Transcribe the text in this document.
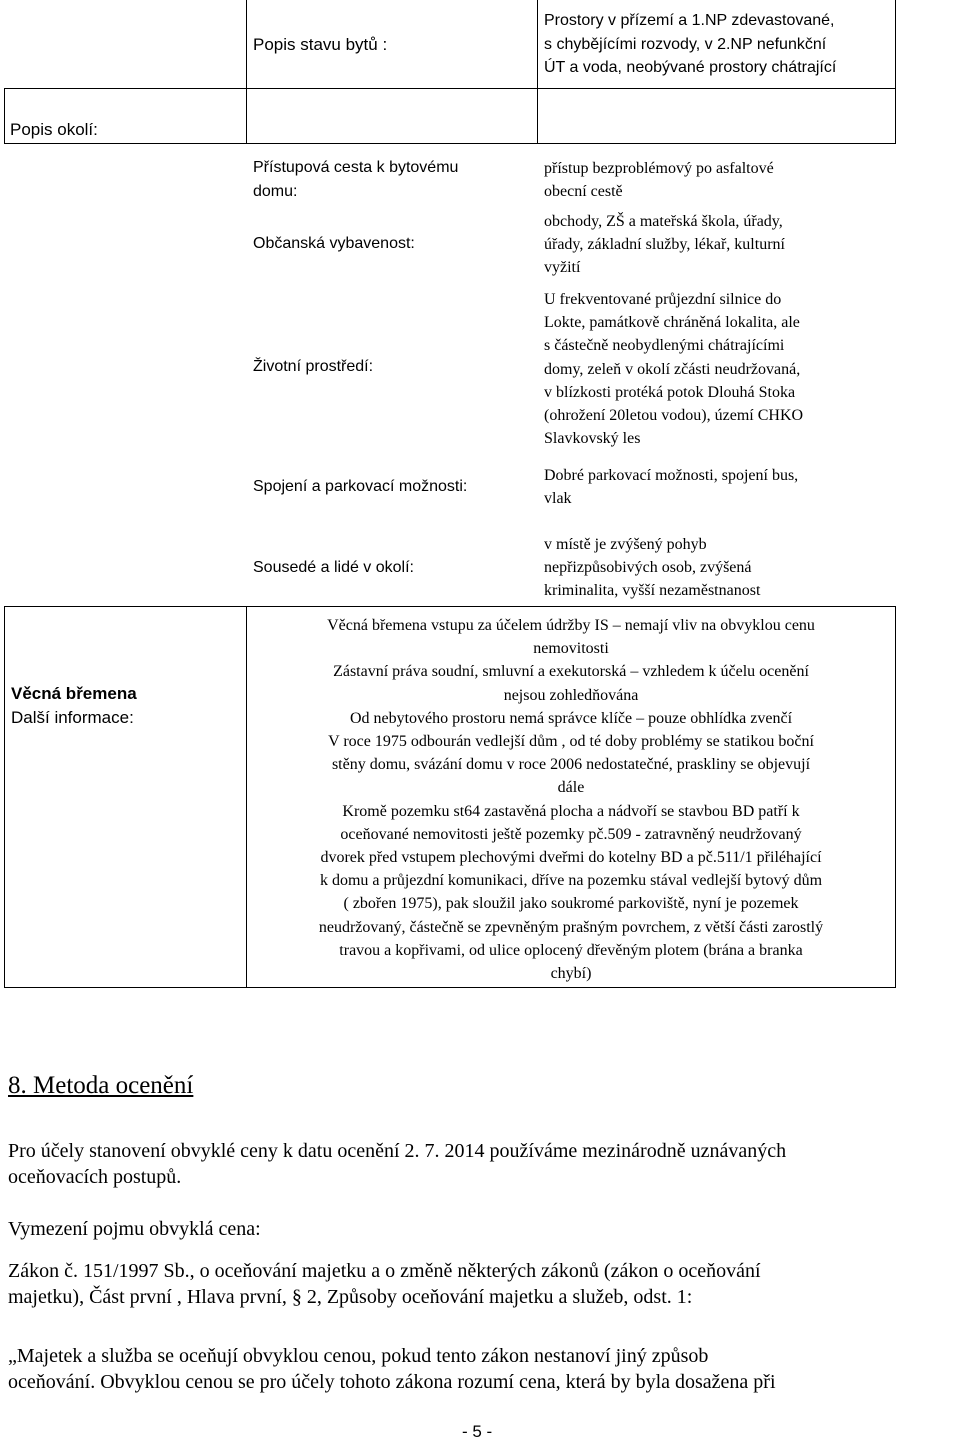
Popis stavu bytů :
Prostory v přízemí a 1.NP zdevastované,
s chybějícími rozvody, v 2.NP nefunkční
ÚT a voda, neobývané prostory chátrající
Popis okolí:
Přístupová cesta k bytovému
domu:
přístup bezproblémový po asfaltové
obecní cestě
Občanská vybavenost:
obchody, ZŠ a mateřská škola, úřady,
úřady, základní služby, lékař, kulturní
vyžití
Životní prostředí:
U frekventované průjezdní silnice do
Lokte, památkově chráněná lokalita, ale
s částečně neobydlenými chátrajícími
domy, zeleň v okolí zčásti neudržovaná,
v blízkosti protéká potok Dlouhá Stoka
(ohrožení 20letou vodou), území CHKO
Slavkovský les
Spojení a parkovací možnosti:
Dobré parkovací možnosti, spojení bus,
vlak
Sousedé a lidé v okolí:
v místě je zvýšený pohyb
nepřizpůsobivých osob, zvýšená
kriminalita, vyšší nezaměstnanost
Věcná břemena
Další informace:
Věcná břemena vstupu za účelem údržby IS – nemají vliv na obvyklou cenu
nemovitosti
Zástavní práva soudní, smluvní a exekutorská – vzhledem k účelu ocenění
nejsou zohledňována
Od nebytového prostoru nemá správce klíče – pouze obhlídka zvenčí
V roce 1975 odbourán vedlejší dům , od té doby problémy se statikou boční
stěny domu, svázání domu v roce 2006 nedostatečné, praskliny se objevují
dále
Kromě pozemku st64 zastavěná plocha a nádvoří se stavbou BD patří k
oceňované nemovitosti ještě pozemky pč.509 - zatravněný neudržovaný
dvorek před vstupem plechovými dveřmi do kotelny BD a pč.511/1 přiléhající
k domu a průjezdní komunikaci, dříve na pozemku stával vedlejší bytový dům
( zbořen 1975), pak sloužil jako soukromé parkoviště, nyní je pozemek
neudržovaný, částečně se zpevněným prašným povrchem, z větší části zarostlý
travou a kopřivami, od ulice oplocený dřevěným plotem (brána a branka
chybí)
8. Metoda ocenění
Pro účely stanovení obvyklé ceny k datu ocenění 2. 7. 2014 používáme mezinárodně uznávaných
oceňovacích postupů.
Vymezení pojmu obvyklá cena:
Zákon č. 151/1997 Sb., o oceňování majetku a o změně některých zákonů (zákon o oceňování
majetku), Část první , Hlava první, § 2, Způsoby oceňování majetku a služeb, odst. 1:
„Majetek a služba se oceňují obvyklou cenou, pokud tento zákon nestanoví jiný způsob
oceňování. Obvyklou cenou se pro účely tohoto zákona rozumí cena, která by byla dosažena při
- 5 -
